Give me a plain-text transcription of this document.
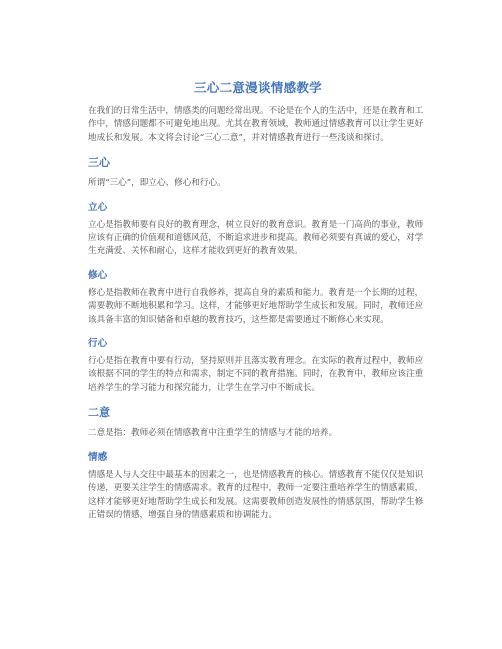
三心二意漫谈情感教学

在我们的日常生活中，情感类的问题经常出现。不论是在个人的生活中，还是在教育和工作中，情感问题都不可避免地出现。尤其在教育领域，教师通过情感教育可以让学生更好地成长和发展。本文将会讨论“三心二意”，并对情感教育进行一些浅谈和探讨。

三心

所谓“三心”，即立心、修心和行心。

立心

立心是指教师要有良好的教育理念，树立良好的教育意识。教育是一门高尚的事业，教师应该有正确的价值观和道德风范，不断追求进步和提高。教师必须要有真诚的爱心，对学生充满爱、关怀和耐心，这样才能收到更好的教育效果。

修心

修心是指教师在教育中进行自我修养，提高自身的素质和能力。教育是一个长期的过程，需要教师不断地积累和学习。这样，才能够更好地帮助学生成长和发展。同时，教师还应该具备丰富的知识储备和卓越的教育技巧，这些都是需要通过不断修心来实现。

行心

行心是指在教育中要有行动，坚持原则并且落实教育理念。在实际的教育过程中，教师应该根据不同的学生的特点和需求，制定不同的教育措施。同时，在教育中，教师应该注重培养学生的学习能力和探究能力，让学生在学习中不断成长。

二意

二意是指：教师必须在情感教育中注重学生的情感与才能的培养。

情感

情感是人与人交往中最基本的因素之一，也是情感教育的核心。情感教育不能仅仅是知识传递，更要关注学生的情感需求。教育的过程中，教师一定要注重培养学生的情感素质，这样才能够更好地帮助学生成长和发展。这需要教师创造发展性的情感氛围，帮助学生修正错误的情感，增强自身的情感素质和协调能力。
